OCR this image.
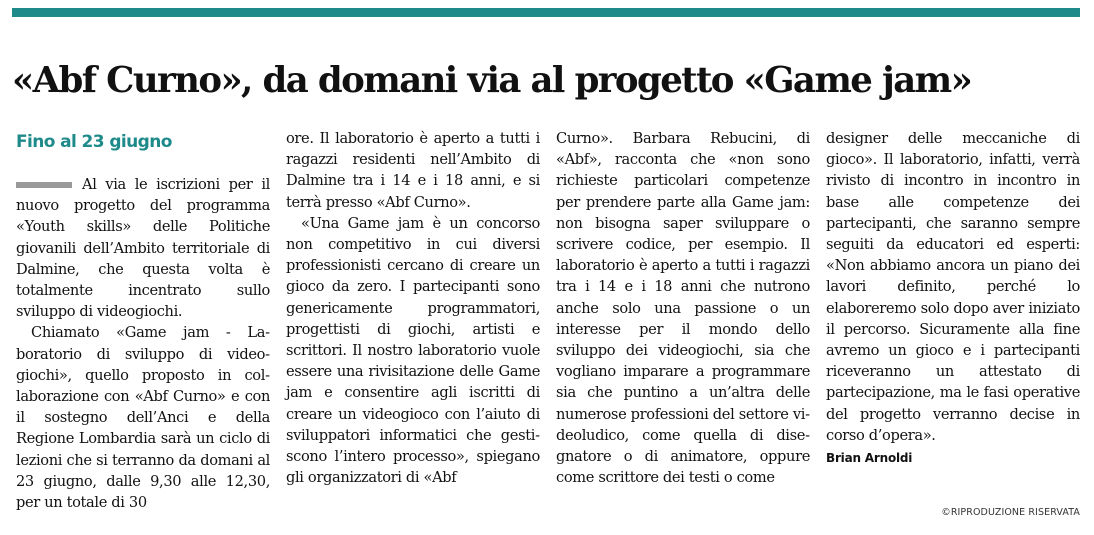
«Abf Curno», da domani via al progetto «Game jam»
Fino al 23 giugno

Al via le iscrizioni per il nuovo progetto del programma «Youth skills» delle Politiche giovanili dell’Ambito territoriale di Dalmine, che questa volta è totalmente incentrato sullo sviluppo di videogiochi.

Chiamato «Game jam - Laboratorio di sviluppo di videogiochi», quello proposto in collaborazione con «Abf Curno» e con il sostegno dell’Anci e della Regione Lombardia sarà un ciclo di lezioni che si terranno da domani al 23 giugno, dalle 9,30 alle 12,30, per un totale di 30

ore. Il laboratorio è aperto a tutti i ragazzi residenti nell’Ambito di Dalmine tra i 14 e i 18 anni, e si terrà presso «Abf Curno».

«Una Game jam è un concorso non competitivo in cui diversi professionisti cercano di creare un gioco da zero. I partecipanti sono genericamente programmatori, progettisti di giochi, artisti e scrittori. Il nostro laboratorio vuole essere una rivisitazione delle Game jam e consentire agli iscritti di creare un videogioco con l’aiuto di sviluppatori informatici che gestiscono l’intero processo», spiegano gli organizzatori di «Abf

Curno». Barbara Rebucini, di «Abf», racconta che «non sono richieste particolari competenze per prendere parte alla Game jam: non bisogna saper sviluppare o scrivere codice, per esempio. Il laboratorio è aperto a tutti i ragazzi tra i 14 e i 18 anni che nutrono anche solo una passione o un interesse per il mondo dello sviluppo dei videogiochi, sia che vogliano imparare a programmare sia che puntino a un’altra delle numerose professioni del settore videoludico, come quella di disegnatore o di animatore, oppure come scrittore dei testi o come

designer delle meccaniche di gioco». Il laboratorio, infatti, verrà rivisto di incontro in incontro in base alle competenze dei partecipanti, che saranno sempre seguiti da educatori ed esperti: «Non abbiamo ancora un piano dei lavori definito, perché lo elaboreremo solo dopo aver iniziato il percorso. Sicuramente alla fine avremo un gioco e i partecipanti riceveranno un attestato di partecipazione, ma le fasi operative del progetto verranno decise in corso d’opera».

Brian Arnoldi
©RIPRODUZIONE RISERVATA
